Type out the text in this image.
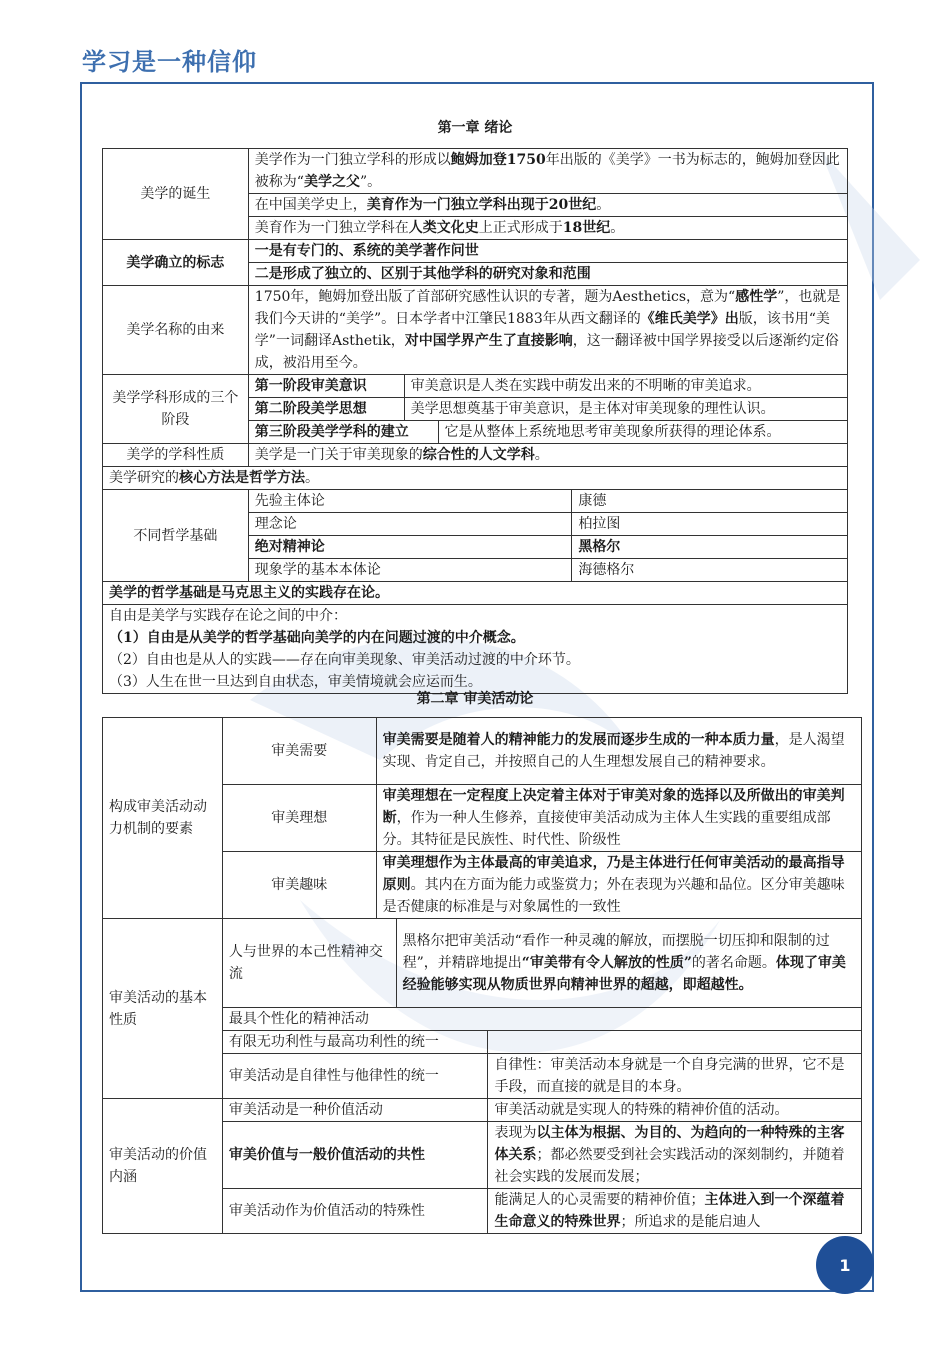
学习是一种信仰
第一章 绪论
美学的诞生	美学作为一门独立学科的形成以鲍姆加登1750年出版的《美学》一书为标志的，鲍姆加登因此被称为“美学之父”。			
	在中国美学史上，美育作为一门独立学科出现于20世纪。			
	美育作为一门独立学科在人类文化史上正式形成于18世纪。			
美学确立的标志	一是有专门的、系统的美学著作问世			
	二是形成了独立的、区别于其他学科的研究对象和范围			
美学名称的由来	1750年，鲍姆加登出版了首部研究感性认识的专著，题为Aesthetics，意为“感性学”，也就是我们今天讲的“美学”。日本学者中江肇民1883年从西文翻译的《维氏美学》出版，该书用“美学”一词翻译Asthetik，对中国学界产生了直接影响，这一翻译被中国学界接受以后逐渐约定俗成，被沿用至今。			
美学学科形成的三个阶段	第一阶段审美意识	审美意识是人类在实践中萌发出来的不明晰的审美追求。		
	第二阶段美学思想	美学思想奠基于审美意识，是主体对审美现象的理性认识。		
	第三阶段美学学科的建立		它是从整体上系统地思考审美现象所获得的理论体系。	
美学的学科性质	美学是一门关于审美现象的综合性的人文学科。			
美学研究的核心方法是哲学方法。				
不同哲学基础	先验主体论			康德
	理念论			柏拉图
	绝对精神论			黑格尔
	现象学的基本本体论			海德格尔
美学的哲学基础是马克思主义的实践存在论。				

自由是美学与实践存在论之间的中介：
（1）自由是从美学的哲学基础向美学的内在问题过渡的中介概念。
（2）自由也是从人的实践——存在向审美现象、审美活动过渡的中介环节。
（3）人生在世一旦达到自由状态，审美情境就会应运而生。				
第二章 审美活动论
构成审美活动动力机制的要素	审美需要	审美需要是随着人的精神能力的发展而逐步生成的一种本质力量，是人渴望实现、肯定自己，并按照自己的人生理想发展自己的精神要求。		
	审美理想	审美理想在一定程度上决定着主体对于审美对象的选择以及所做出的审美判断，作为一种人生修养，直接使审美活动成为主体人生实践的重要组成部分。其特征是民族性、时代性、阶级性		
	审美趣味	审美理想作为主体最高的审美追求，乃是主体进行任何审美活动的最高指导原则。其内在方面为能力或鉴赏力；外在表现为兴趣和品位。区分审美趣味是否健康的标准是与对象属性的一致性		
审美活动的基本性质	人与世界的本己性精神交流		黑格尔把审美活动“看作一种灵魂的解放，而摆脱一切压抑和限制的过程”，并精辟地提出“审美带有令人解放的性质”的著名命题。体现了审美经验能够实现从物质世界向精神世界的超越，即超越性。	
	最具个性化的精神活动			
	有限无功利性与最高功利性的统一			
	审美活动是自律性与他律性的统一			自律性：审美活动本身就是一个自身完满的世界，它不是手段，而直接的就是目的本身。
审美活动的价值内涵	审美活动是一种价值活动			审美活动就是实现人的特殊的精神价值的活动。
	审美价值与一般价值活动的共性			表现为以主体为根据、为目的、为趋向的一种特殊的主客体关系；都必然要受到社会实践活动的深刻制约，并随着社会实践的发展而发展；
	审美活动作为价值活动的特殊性			能满足人的心灵需要的精神价值；主体进入到一个深蕴着生命意义的特殊世界；所追求的是能启迪人
1
